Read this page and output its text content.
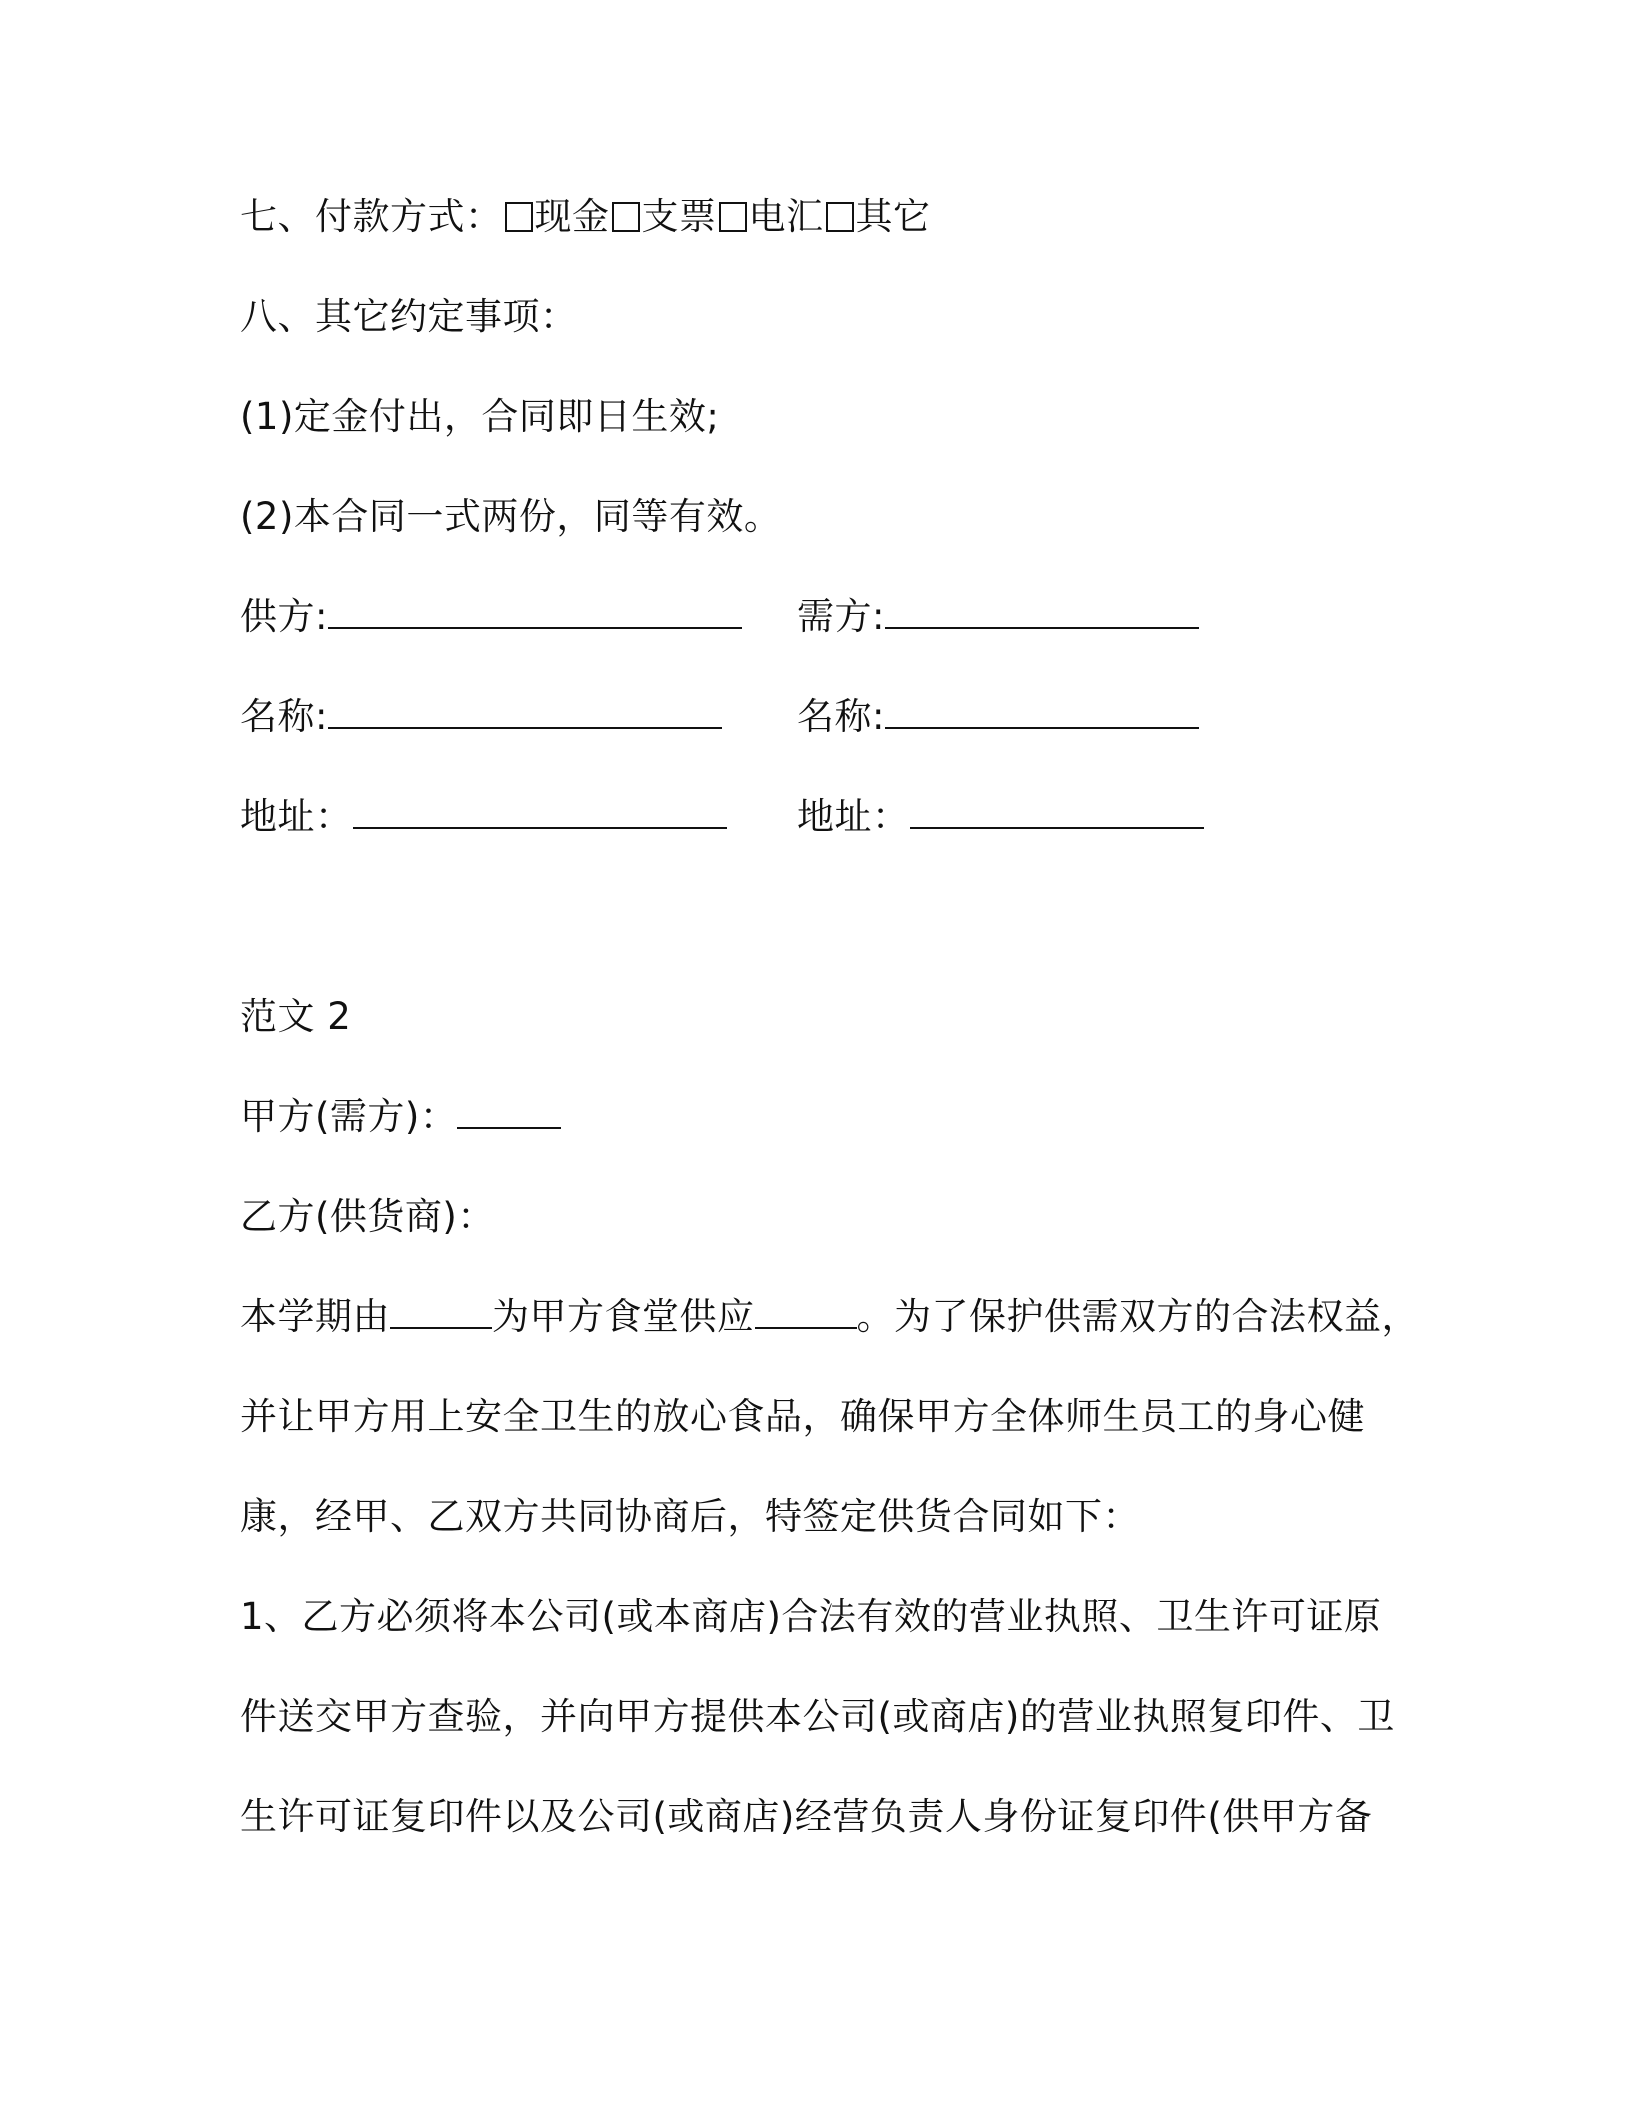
七、付款方式： 现金 支票 电汇 其它
八、其它约定事项：
(1)定金付出，合同即日生效;
(2)本合同一式两份，同等有效。
供方:	需方:
名称:	名称:
地址：	地址：
范文 2
甲方(需方)：
乙方(供货商)：
本学期由	为甲方食堂供应	。为了保护供需双方的合法权益，
并让甲方用上安全卫生的放心食品，确保甲方全体师生员工的身心健
康，经甲、乙双方共同协商后，特签定供货合同如下：
1、乙方必须将本公司(或本商店)合法有效的营业执照、卫生许可证原
件送交甲方查验，并向甲方提供本公司(或商店)的营业执照复印件、卫
生许可证复印件以及公司(或商店)经营负责人身份证复印件(供甲方备
